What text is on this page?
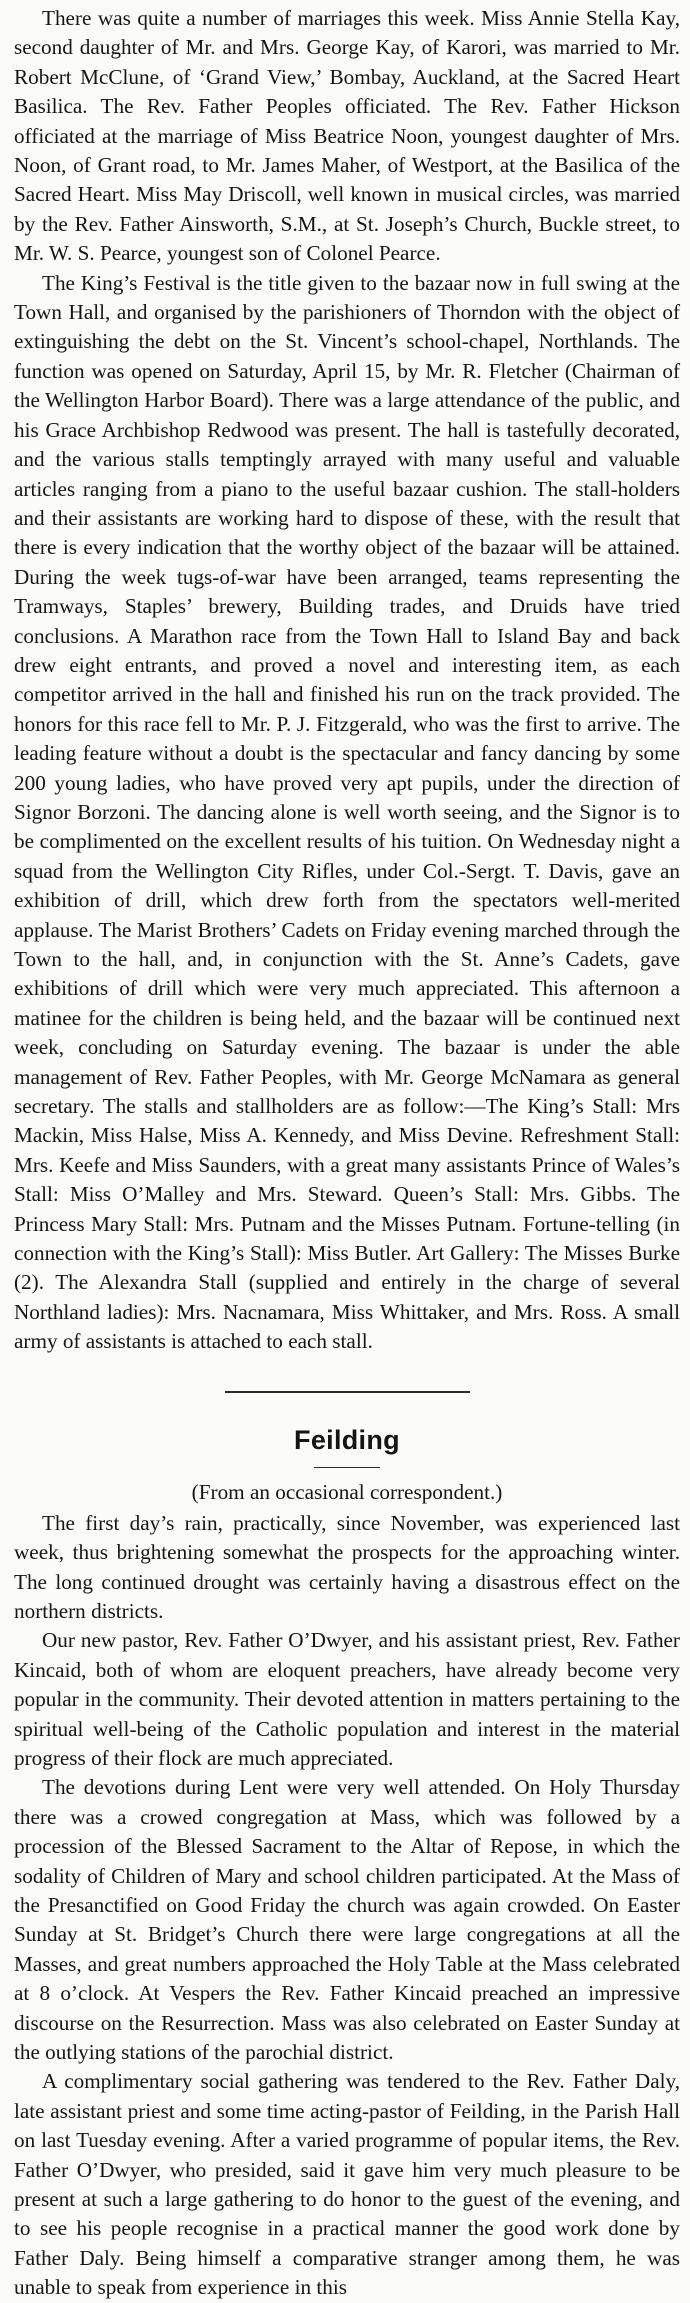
There was quite a number of marriages this week. Miss Annie Stella Kay, second daughter of Mr. and Mrs. George Kay, of Karori, was married to Mr. Robert McClune, of ‘Grand View,’ Bombay, Auckland, at the Sacred Heart Basilica. The Rev. Father Peoples officiated. The Rev. Father Hickson officiated at the marriage of Miss Beatrice Noon, youngest daughter of Mrs. Noon, of Grant road, to Mr. James Maher, of Westport, at the Basilica of the Sacred Heart. Miss May Driscoll, well known in musical circles, was married by the Rev. Father Ainsworth, S.M., at St. Joseph’s Church, Buckle street, to Mr. W. S. Pearce, youngest son of Colonel Pearce.

The King’s Festival is the title given to the bazaar now in full swing at the Town Hall, and organised by the parishioners of Thorndon with the object of extinguishing the debt on the St. Vincent’s school-chapel, Northlands. The function was opened on Saturday, April 15, by Mr. R. Fletcher (Chairman of the Wellington Harbor Board). There was a large attendance of the public, and his Grace Archbishop Redwood was present. The hall is tastefully decorated, and the various stalls temptingly arrayed with many useful and valuable articles ranging from a piano to the useful bazaar cushion. The stall-holders and their assistants are working hard to dispose of these, with the result that there is every indication that the worthy object of the bazaar will be attained. During the week tugs-of-war have been arranged, teams representing the Tramways, Staples’ brewery, Building trades, and Druids have tried conclusions. A Marathon race from the Town Hall to Island Bay and back drew eight entrants, and proved a novel and interesting item, as each competitor arrived in the hall and finished his run on the track provided. The honors for this race fell to Mr. P. J. Fitzgerald, who was the first to arrive. The leading feature without a doubt is the spectacular and fancy dancing by some 200 young ladies, who have proved very apt pupils, under the direction of Signor Borzoni. The dancing alone is well worth seeing, and the Signor is to be complimented on the excellent results of his tuition. On Wednesday night a squad from the Wellington City Rifles, under Col.-Sergt. T. Davis, gave an exhibition of drill, which drew forth from the spectators well-merited applause. The Marist Brothers’ Cadets on Friday evening marched through the Town to the hall, and, in conjunction with the St. Anne’s Cadets, gave exhibitions of drill which were very much appreciated. This afternoon a matinee for the children is being held, and the bazaar will be continued next week, concluding on Saturday evening. The bazaar is under the able management of Rev. Father Peoples, with Mr. George McNamara as general secretary. The stalls and stallholders are as follow:—The King’s Stall: Mrs Mackin, Miss Halse, Miss A. Kennedy, and Miss Devine. Refreshment Stall: Mrs. Keefe and Miss Saunders, with a great many assistants Prince of Wales’s Stall: Miss O’Malley and Mrs. Steward. Queen’s Stall: Mrs. Gibbs. The Princess Mary Stall: Mrs. Putnam and the Misses Putnam. Fortune-telling (in connection with the King’s Stall): Miss Butler. Art Gallery: The Misses Burke (2). The Alexandra Stall (supplied and entirely in the charge of several Northland ladies): Mrs. Nacnamara, Miss Whittaker, and Mrs. Ross. A small army of assistants is attached to each stall.

Feilding

(From an occasional correspondent.)

The first day’s rain, practically, since November, was experienced last week, thus brightening somewhat the prospects for the approaching winter. The long continued drought was certainly having a disastrous effect on the northern districts.

Our new pastor, Rev. Father O’Dwyer, and his assistant priest, Rev. Father Kincaid, both of whom are eloquent preachers, have already become very popular in the community. Their devoted attention in matters pertaining to the spiritual well-being of the Catholic population and interest in the material progress of their flock are much appreciated.

The devotions during Lent were very well attended. On Holy Thursday there was a crowed congregation at Mass, which was followed by a procession of the Blessed Sacrament to the Altar of Repose, in which the sodality of Children of Mary and school children participated. At the Mass of the Presanctified on Good Friday the church was again crowded. On Easter Sunday at St. Bridget’s Church there were large congregations at all the Masses, and great numbers approached the Holy Table at the Mass celebrated at 8 o’clock. At Vespers the Rev. Father Kincaid preached an impressive discourse on the Resurrection. Mass was also celebrated on Easter Sunday at the outlying stations of the parochial district.

A complimentary social gathering was tendered to the Rev. Father Daly, late assistant priest and some time acting-pastor of Feilding, in the Parish Hall on last Tuesday evening. After a varied programme of popular items, the Rev. Father O’Dwyer, who presided, said it gave him very much pleasure to be present at such a large gathering to do honor to the guest of the evening, and to see his people recognise in a practical manner the good work done by Father Daly. Being himself a comparative stranger among them, he was unable to speak from experience in this
